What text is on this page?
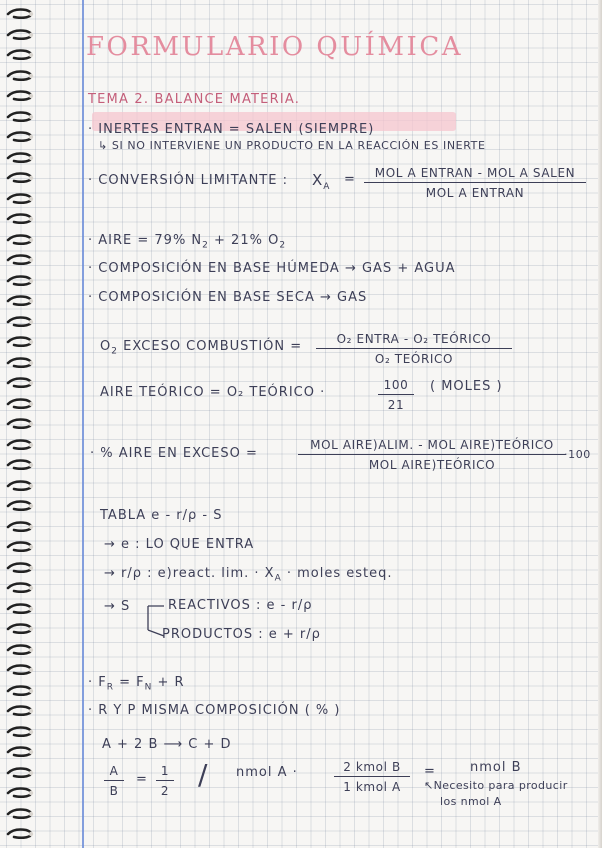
FORMULARIO QUÍMICA
TEMA 2. BALANCE MATERIA.
· INERTES ENTRAN = SALEN (SIEMPRE)
↳ SI NO INTERVIENE UN PRODUCTO EN LA REACCIÓN ES INERTE
· CONVERSIÓN LIMITANTE : $X_A$ =	MOL A ENTRAN - MOL A SALEN
MOL A ENTRAN
· AIRE = 79% $N_2 + 21\%$ $O_2$
· COMPOSICIÓN EN BASE HÚMEDA → GAS + AGUA
· COMPOSICIÓN EN BASE SECA → GAS
$O_2$ EXCESO COMBUSTIÓN =	O₂ ENTRA - O₂ TEÓRICO
O₂ TEÓRICO
AIRE TEÓRICO = O₂ TEÓRICO ·	$\frac{100}{21}$ ( MOLES )
· % AIRE EN EXCESO =
MOL AIRE)ALIM. - MOL AIRE)TEÓRICO
MOL AIRE)TEÓRICO
·100
TABLA e - r/ρ - S
→ e : LO QUE ENTRA
→ r/ρ : e)react. lim. · $X_A$ · moles esteq.
→ S	REACTIVOS : e - r/ρ
PRODUCTOS : e + r/ρ
· $F_R = F_N + R$
· R Y P MISMA COMPOSICIÓN ( % )
A + 2 B ⟶ C + D
$\frac{A}{B} = \frac{1}{2}$ / nmol A ·	2 kmol B
1 kmol A
=	nmol B
↖Necesito para producir
los nmol A
